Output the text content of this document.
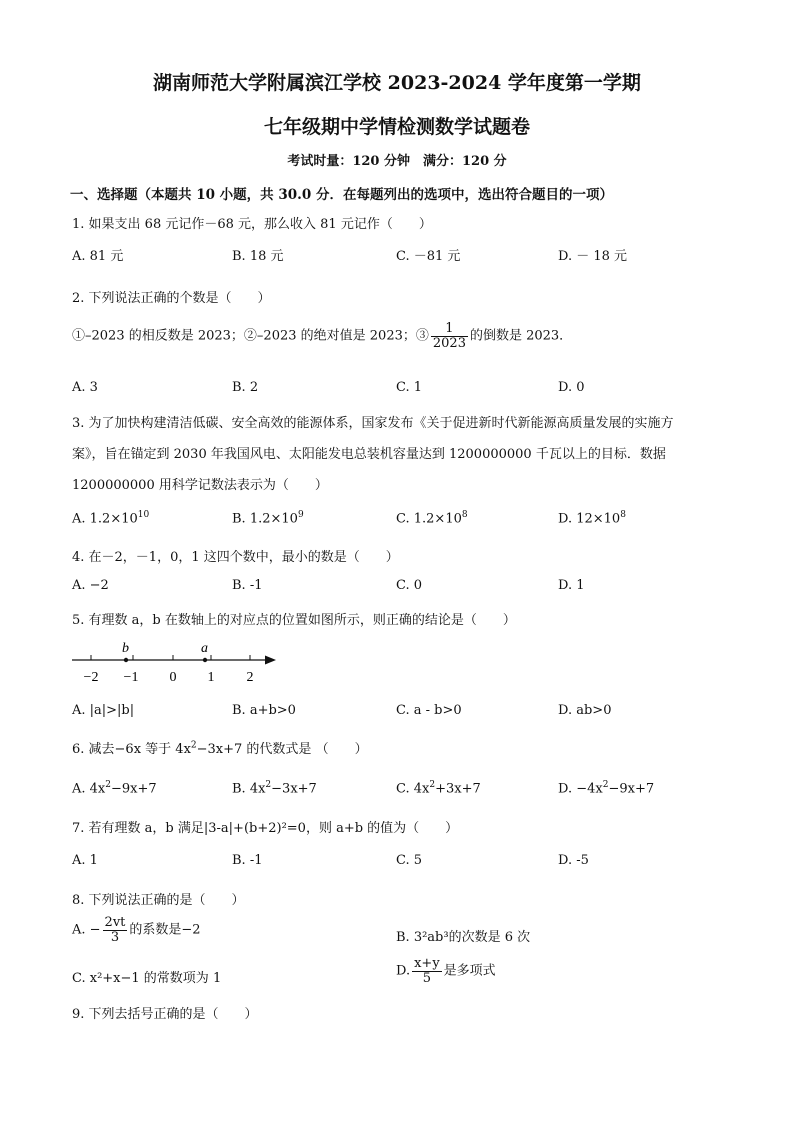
湖南师范大学附属滨江学校 2023-2024 学年度第一学期
七年级期中学情检测数学试题卷
考试时量：120 分钟　满分：120 分
一、选择题（本题共 10 小题，共 30.0 分．在每题列出的选项中，选出符合题目的一项）
1. 如果支出 68 元记作－68 元，那么收入 81 元记作（　　）
A. 81 元	B. 18 元	C. －81 元	D. － 18 元
2. 下列说法正确的个数是（　　）
①–2023 的相反数是 2023；②–2023 的绝对值是 2023；③ $\frac{1}{2023}$ 的倒数是 2023．
A. 3	B. 2	C. 1	D. 0
3. 为了加快构建清洁低碳、安全高效的能源体系，国家发布《关于促进新时代新能源高质量发展的实施方
案》，旨在锚定到 2030 年我国风电、太阳能发电总装机容量达到 1200000000 千瓦以上的目标．数据
1200000000 用科学记数法表示为（　　）
A. $1.2\times 10^{10}$	B. $1.2\times 10^9$	C. $1.2\times 10^8$	D. $12\times 10^8$
4. 在－2，－1，0，1 这四个数中，最小的数是（　　）
A. −2	B. -1	C. 0	D. 1
5. 有理数 a，b 在数轴上的对应点的位置如图所示，则正确的结论是（　　）
b	a
−2 −1 0 1 2
A. |a|>|b|	B. a+b>0	C. a - b>0	D. ab>0
6. 减去−6x 等于 $4x^2-3x+7$ 的代数式是 （　　）
A. $4x^2-9x+7$	B. $4x^2-3x+7$	C. $4x^2+3x+7$	D. $-4x^2-9x+7$
7. 若有理数 a，b 满足|3-a|+(b+2)²=0，则 a+b 的值为（　　）
A. 1	B. -1	C. 5	D. -5
8. 下列说法正确的是（　　）
A. − $\frac{2vt}{3}$ 的系数是−2	B. 3²ab³的次数是 6 次
C. x²+x−1 的常数项为 1	D. $\frac{x+y}{5}$ 是多项式
9. 下列去括号正确的是（　　）
